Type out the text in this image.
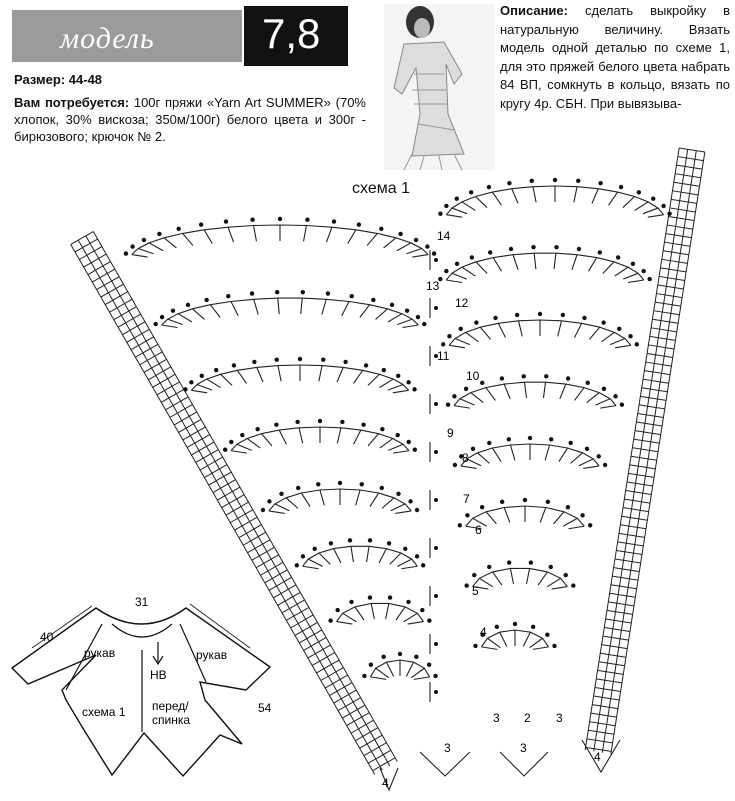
модель	7,8
Размер: 44-48
Вам потребуется: 100г пряжи «Yarn Art SUMMER» (70% хлопок, 30% вискоза; 350м/100г) белого цвета и 300г - бирюзового; крючок № 2.
Описание: сделать выкройку в натуральную величину. Вязать модель одной деталью по схеме 1, для это пряжей белого цвета набрать 84 ВП, сомкнуть в кольцо, вязать по кругу 4р. СБН. При вывязыва-
схема 1
14
13
12
11
10
9
8
7
6
5
4
3 2
3	3
3
4
4
31
40
54
рукав	рукав
НВ
схема 1 перед/
спинка
